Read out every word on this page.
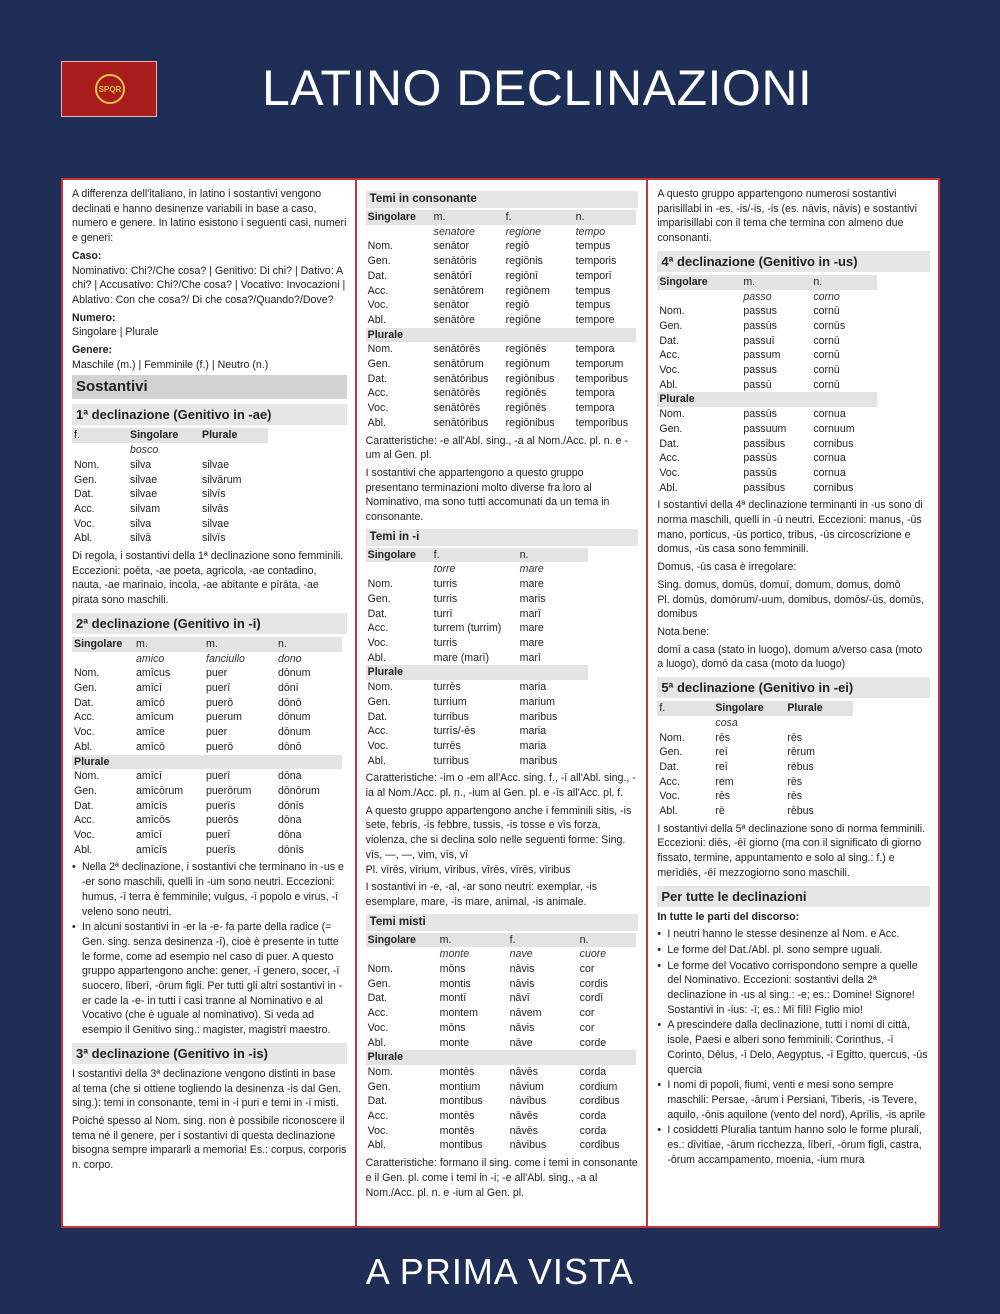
SPQR	LATINO DECLINAZIONI

A differenza dell'italiano, in latino i sostantivi vengono declinati e hanno desinenze variabili in base a caso, numero e genere. In latino esistono i seguenti casi, numeri e generi:

Caso:
Nominativo: Chi?/Che cosa? | Genitivo: Di chi? | Dativo: A chi? | Accusativo: Chi?/Che cosa? | Vocativo: Invocazioni | Ablativo: Con che cosa?/ Di che cosa?/Quando?/Dove?

Numero:
Singolare | Plurale

Genere:
Maschile (m.) | Femminile (f.) | Neutro (n.)

Sostantivi
1ª declinazione (Genitivo in -ae)
f.	Singolare	Plurale
	bosco	
Nom.	silva	silvae
Gen.	silvae	silvārum
Dat.	silvae	silvīs
Acc.	silvam	silvās
Voc.	silva	silvae
Abl.	silvā	silvīs

Di regola, i sostantivi della 1ª declinazione sono femminili. Eccezioni: poēta, -ae poeta, agricola, -ae contadino, nauta, -ae marinaio, incola, -ae abitante e pīrāta, -ae pirata sono maschili.

2ª declinazione (Genitivo in -i)
Singolare	m.	m.	n.
	amico	fanciullo	dono
Nom.	amīcus	puer	dōnum
Gen.	amīcī	puerī	dōnī
Dat.	amīcō	puerō	dōnō
Acc.	amīcum	puerum	dōnum
Voc.	amīce	puer	dōnum
Abl.	amīcō	puerō	dōnō
Plurale			
Nom.	amīcī	puerī	dōna
Gen.	amīcōrum	puerōrum	dōnōrum
Dat.	amīcīs	puerīs	dōnīs
Acc.	amīcōs	puerōs	dōna
Voc.	amīcī	puerī	dōna
Abl.	amīcīs	puerīs	dōnīs
• Nella 2ª declinazione, i sostantivi che terminano in -us e -er sono maschili, quelli in -um sono neutri. Eccezioni: humus, -ī terra è femminile; vulgus, -ī popolo e virus, -ī veleno sono neutri.
• In alcuni sostantivi in -er la -e- fa parte della radice (= Gen. sing. senza desinenza -ī), cioè è presente in tutte le forme, come ad esempio nel caso di puer. A questo gruppo appartengono anche: gener, -ī genero, socer, -ī suocero, līberī, -ōrum figli. Per tutti gli altri sostantivi in -er cade la -e- in tutti i casi tranne al Nominativo e al Vocativo (che è uguale al nominativo). Si veda ad esempio il Genitivo sing.: magister, magistrī maestro.
3ª declinazione (Genitivo in -is)

I sostantivi della 3ª declinazione vengono distinti in base al tema (che si ottiene togliendo la desinenza -is dal Gen. sing.): temi in consonante, temi in -i puri e temi in -i misti.

Poiché spesso al Nom. sing. non è possibile riconoscere il tema né il genere, per i sostantivi di questa declinazione bisogna sempre impararli a memoria! Es.: corpus, corporis n. corpo.

Temi in consonante
Singolare	m.	f.	n.
	senatore	regione	tempo
Nom.	senātor	regiō	tempus
Gen.	senātōris	regiōnis	temporis
Dat.	senātōrī	regiōnī	temporī
Acc.	senātōrem	regiōnem	tempus
Voc.	senātor	regiō	tempus
Abl.	senātōre	regiōne	tempore
Plurale			
Nom.	senātōrēs	regiōnēs	tempora
Gen.	senātōrum	regiōnum	temporum
Dat.	senātōribus	regiōnibus	temporibus
Acc.	senātōrēs	regiōnēs	tempora
Voc.	senātōrēs	regiōnēs	tempora
Abl.	senātōribus	regiōnibus	temporibus

Caratteristiche: -e all'Abl. sing., -a al Nom./Acc. pl. n. e -um al Gen. pl.

I sostantivi che appartengono a questo gruppo presentano terminazioni molto diverse fra loro al Nominativo, ma sono tutti accomunati da un tema in consonante.

Temi in -i
Singolare	f.	n.
	torre	mare
Nom.	turris	mare
Gen.	turris	maris
Dat.	turrī	marī
Acc.	turrem (turrim)	mare
Voc.	turris	mare
Abl.	mare (marī)	marī
Plurale		
Nom.	turrēs	maria
Gen.	turrium	marium
Dat.	turribus	maribus
Acc.	turrīs/-ēs	maria
Voc.	turrēs	maria
Abl.	turribus	maribus

Caratteristiche: -im o -em all'Acc. sing. f., -ī all'Abl. sing., -ia al Nom./Acc. pl. n., -ium al Gen. pl. e -īs all'Acc. pl. f.

A questo gruppo appartengono anche i femminili sitis, -is sete, febris, -is febbre, tussis, -is tosse e vīs forza, violenza, che si declina solo nelle seguenti forme: Sing. vīs, —, —, vim, vīs, vī
Pl. vīrēs, vīrium, vīribus, vīrēs, vīrēs, vīribus

I sostantivi in -e, -al, -ar sono neutri: exemplar, -is esemplare, mare, -is mare, animal, -is animale.

Temi misti
Singolare	m.	f.	n.
	monte	nave	cuore
Nom.	mōns	nāvis	cor
Gen.	montis	nāvis	cordis
Dat.	montī	nāvī	cordī
Acc.	montem	nāvem	cor
Voc.	mōns	nāvis	cor
Abl.	monte	nāve	corde
Plurale			
Nom.	montēs	nāvēs	corda
Gen.	montium	nāvium	cordium
Dat.	montibus	nāvibus	cordibus
Acc.	montēs	nāvēs	corda
Voc.	montēs	nāvēs	corda
Abl.	montibus	nāvibus	cordibus

Caratteristiche: formano il sing. come i temi in consonante e il Gen. pl. come i temi in -i; -e all'Abl. sing., -a al Nom./Acc. pl. n. e -ium al Gen. pl.

A questo gruppo appartengono numerosi sostantivi parisillabi in -es, -is/-is, -is (es. nāvis, nāvis) e sostantivi imparisillabi con il tema che termina con almeno due consonanti.

4ª declinazione (Genitivo in -us)
Singolare	m.	n.
	passo	corno
Nom.	passus	cornū
Gen.	passūs	cornūs
Dat.	passuī	cornū
Acc.	passum	cornū
Voc.	passus	cornū
Abl.	passū	cornū
Plurale		
Nom.	passūs	cornua
Gen.	passuum	cornuum
Dat.	passibus	cornibus
Acc.	passūs	cornua
Voc.	passūs	cornua
Abl.	passibus	cornibus

I sostantivi della 4ª declinazione terminanti in -us sono di norma maschili, quelli in -ū neutri. Eccezioni: manus, -ūs mano, porticus, -ūs portico, tribus, -ūs circoscrizione e domus, -ūs casa sono femminili.

Domus, -ūs casa è irregolare:

Sing. domus, domūs, domuī, domum, domus, domō
Pl. domūs, domōrum/-uum, domibus, domōs/-ūs, domūs, domibus

Nota bene:

domī a casa (stato in luogo), domum a/verso casa (moto a luogo), domō da casa (moto da luogo)

5ª declinazione (Genitivo in -ei)
f.	Singolare	Plurale
	cosa	
Nom.	rēs	rēs
Gen.	reī	rērum
Dat.	reī	rēbus
Acc.	rem	rēs
Voc.	rēs	rēs
Abl.	rē	rēbus

I sostantivi della 5ª declinazione sono di norma femminili. Eccezioni: diēs, -ēī giorno (ma con il significato di giorno fissato, termine, appuntamento e solo al sing.: f.) e merīdiēs, -ēī mezzogiorno sono maschili.

Per tutte le declinazioni

In tutte le parti del discorso:

• I neutri hanno le stesse desinenze al Nom. e Acc.
• Le forme del Dat./Abl. pl. sono sempre uguali.
• Le forme del Vocativo corrispondono sempre a quelle del Nominativo. Eccezioni: sostantivi della 2ª declinazione in -us al sing.: -e; es.: Domine! Signore! Sostantivi in -ius: -ī; es.: Mī fīlī! Figlio mio!
• A prescindere dalla declinazione, tutti i nomi di città, isole, Paesi e alberi sono femminili: Corinthus, -ī Corinto, Dēlus, -ī Delo, Aegyptus, -ī Egitto, quercus, -ūs quercia
• I nomi di popoli, fiumi, venti e mesi sono sempre maschili: Persae, -ārum i Persiani, Tiberis, -is Tevere, aquilo, -ōnis aquilone (vento del nord), Aprīlis, -is aprile
• I cosiddetti Pluralia tantum hanno solo le forme plurali, es.: dīvitiae, -ārum ricchezza, līberī, -ōrum figli, castra, -ōrum accampamento, moenia, -ium mura
A PRIMA VISTA
